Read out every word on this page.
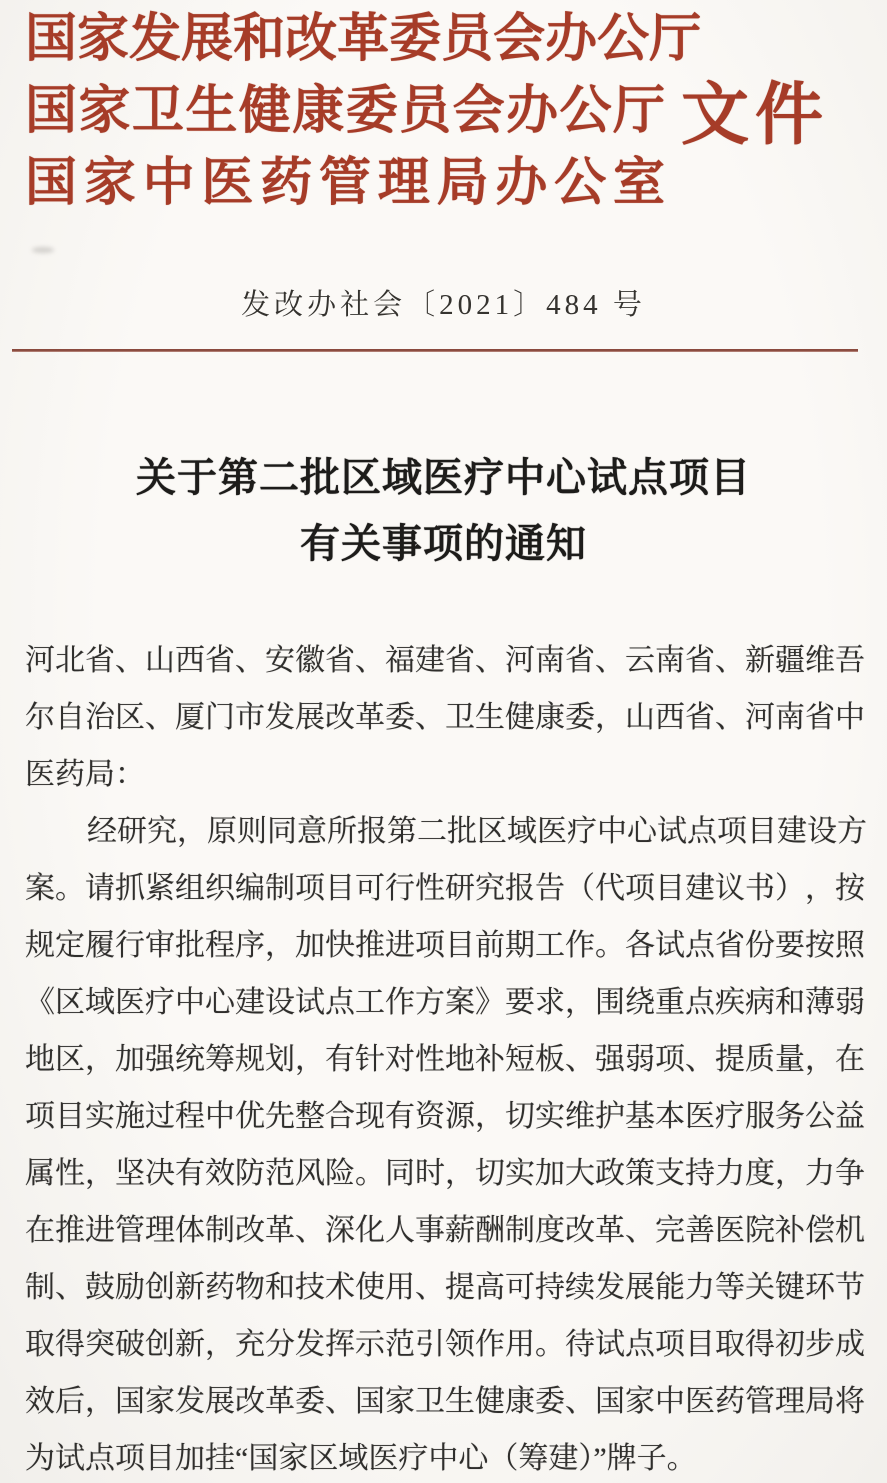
国 家 发 展 和 改 革 委 员 会 办 公 厅
国 家 卫 生 健 康 委 员 会 办 公 厅
国 家 中 医 药 管 理 局 办 公 室
文 件
发改办社会〔2021〕484 号
关于第二批区域医疗中心试点项目
有关事项的通知
河 北 省 、 山 西 省 、 安 徽 省 、 福 建 省 、 河 南 省 、 云 南 省 、 新 疆 维 吾
尔 自 治 区 、 厦 门 市 发 展 改 革 委 、 卫 生 健 康 委 ， 山 西 省 、 河 南 省 中
医药局：
经 研 究 ， 原 则 同 意 所 报 第 二 批 区 域 医 疗 中 心 试 点 项 目 建 设 方
案 。 请 抓 紧 组 织 编 制 项 目 可 行 性 研 究 报 告 （ 代 项 目 建 议 书 ） ， 按
规 定 履 行 审 批 程 序 ， 加 快 推 进 项 目 前 期 工 作 。 各 试 点 省 份 要 按 照
《 区 域 医 疗 中 心 建 设 试 点 工 作 方 案 》 要 求 ， 围 绕 重 点 疾 病 和 薄 弱
地 区 ， 加 强 统 筹 规 划 ， 有 针 对 性 地 补 短 板 、 强 弱 项 、 提 质 量 ， 在
项 目 实 施 过 程 中 优 先 整 合 现 有 资 源 ， 切 实 维 护 基 本 医 疗 服 务 公 益
属 性 ， 坚 决 有 效 防 范 风 险 。 同 时 ， 切 实 加 大 政 策 支 持 力 度 ， 力 争
在 推 进 管 理 体 制 改 革 、 深 化 人 事 薪 酬 制 度 改 革 、 完 善 医 院 补 偿 机
制 、 鼓 励 创 新 药 物 和 技 术 使 用 、 提 高 可 持 续 发 展 能 力 等 关 键 环 节
取 得 突 破 创 新 ， 充 分 发 挥 示 范 引 领 作 用 。 待 试 点 项 目 取 得 初 步 成
效 后 ， 国 家 发 展 改 革 委 、 国 家 卫 生 健 康 委 、 国 家 中 医 药 管 理 局 将
为试点项目加挂“国家区域医疗中心（筹建）”牌子。
